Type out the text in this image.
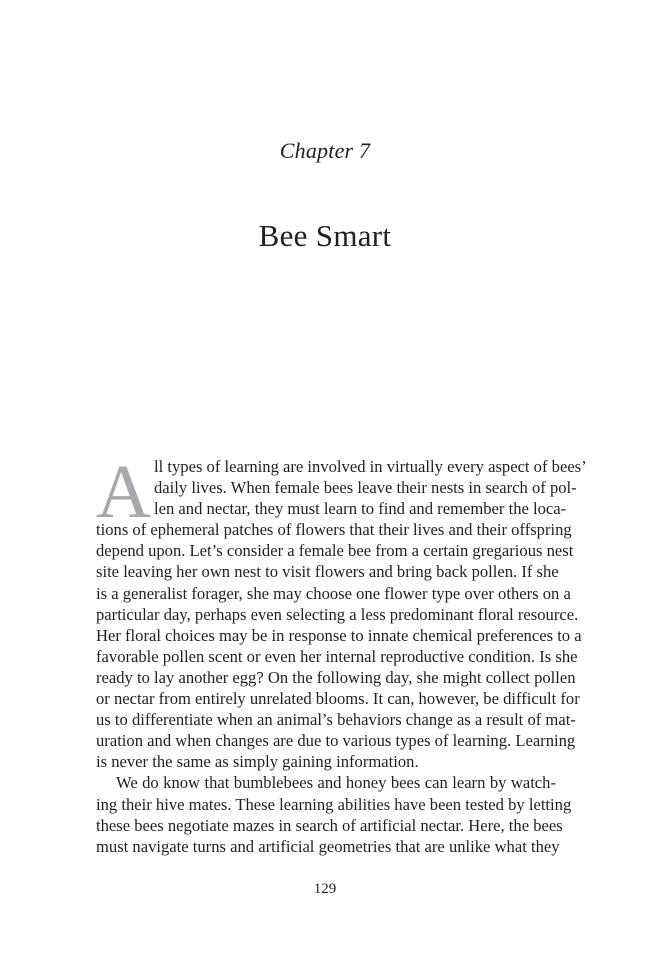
Chapter 7
Bee Smart
A ll types of learning are involved in virtually every aspect of bees’
daily lives. When female bees leave their nests in search of pol-
len and nectar, they must learn to find and remember the loca-
tions of ephemeral patches of flowers that their lives and their offspring
depend upon. Let’s consider a female bee from a certain gregarious nest
site leaving her own nest to visit flowers and bring back pollen. If she
is a generalist forager, she may choose one flower type over others on a
particular day, perhaps even selecting a less predominant floral resource.
Her floral choices may be in response to innate chemical preferences to a
favorable pollen scent or even her internal reproductive condition. Is she
ready to lay another egg? On the following day, she might collect pollen
or nectar from entirely unrelated blooms. It can, however, be difficult for
us to differentiate when an animal’s behaviors change as a result of mat-
uration and when changes are due to various types of learning. Learning
is never the same as simply gaining information.
We do know that bumblebees and honey bees can learn by watch-
ing their hive mates. These learning abilities have been tested by letting
these bees negotiate mazes in search of artificial nectar. Here, the bees
must navigate turns and artificial geometries that are unlike what they
129
